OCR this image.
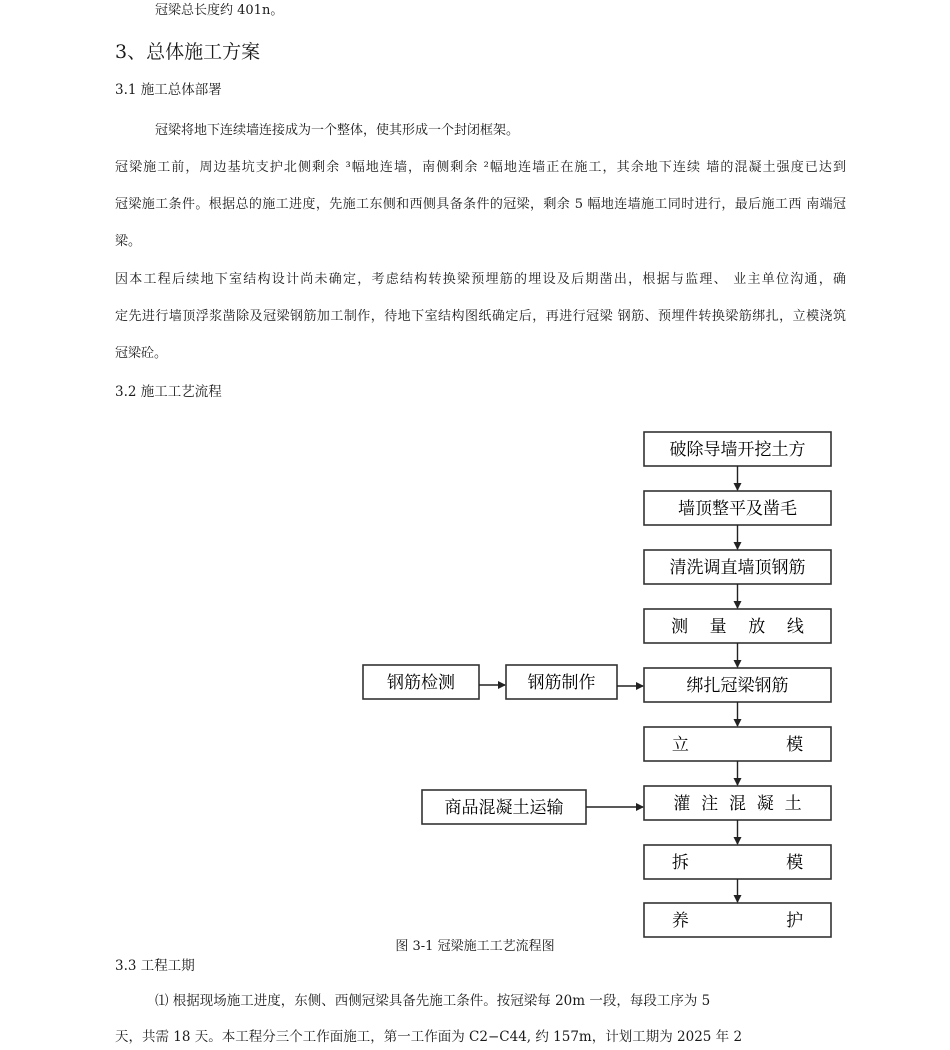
冠梁总长度约 401n。
3、总体施工方案
3.1 施工总体部署
冠梁将地下连续墙连接成为一个整体，使其形成一个封闭框架。
冠梁施工前，周边基坑支护北侧剩余 ³幅地连墙，南侧剩余 ²幅地连墙正在施工，其余地下连续 墙的混凝土强度已达到
冠梁施工条件。根据总的施工进度，先施工东侧和西侧具备条件的冠梁，剩余 5 幅地连墙施工同时进行，最后施工西 南端冠
梁。
因本工程后续地下室结构设计尚未确定，考虑结构转换梁预埋筋的埋设及后期凿出，根据与监理、 业主单位沟通，确
定先进行墙顶浮浆凿除及冠梁钢筋加工制作，待地下室结构图纸确定后，再进行冠梁 钢筋、预埋件转换梁筋绑扎，立模浇筑
冠梁砼。
3.2 施工工艺流程
破除导墙开挖土方
墙顶整平及凿毛
清洗调直墙顶钢筋
测    量    放    线
绑扎冠梁钢筋
立                  模
灌  注  混  凝  土
拆                  模
养                  护
钢筋检测	钢筋制作
商品混凝土运输
图 3-1 冠梁施工工艺流程图
3.3 工程工期
⑴ 根据现场施工进度，东侧、西侧冠梁具备先施工条件。按冠梁每 20m 一段，每段工序为 5
天，共需 18 天。本工程分三个工作面施工，第一工作面为 C2−C44, 约 157m，计划工期为 2025 年 2
